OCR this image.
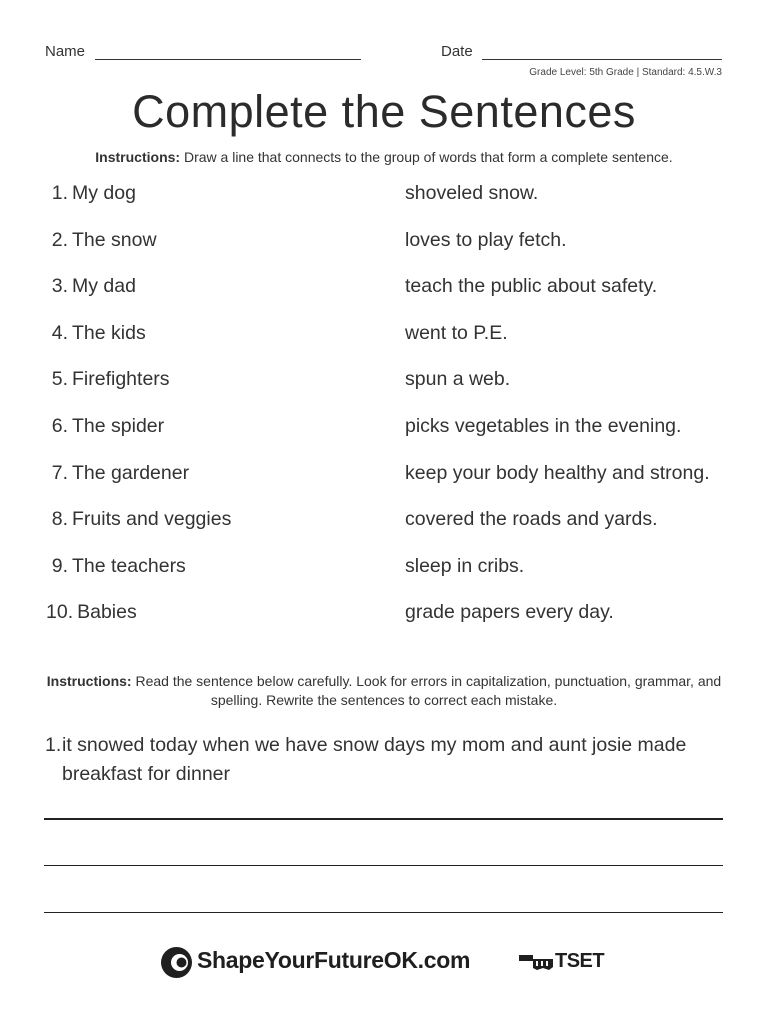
Name	Date
Grade Level: 5th Grade | Standard: 4.5.W.3
Complete the Sentences

Instructions: Draw a line that connects to the group of words that form a complete sentence.

1. My dog	shoveled snow.
2. The snow	loves to play fetch.
3. My dad	teach the public about safety.
4. The kids	went to P.E.
5. Firefighters	spun a web.
6. The spider	picks vegetables in the evening.
7. The gardener	keep your body healthy and strong.
8. Fruits and veggies	covered the roads and yards.
9. The teachers	sleep in cribs.
10. Babies	grade papers every day.

Instructions: Read the sentence below carefully. Look for errors in capitalization, punctuation, grammar, and spelling. Rewrite the sentences to correct each mistake.

1. it snowed today when we have snow days my mom and aunt josie made breakfast for dinner
ShapeYourFutureOK.com	TSET
